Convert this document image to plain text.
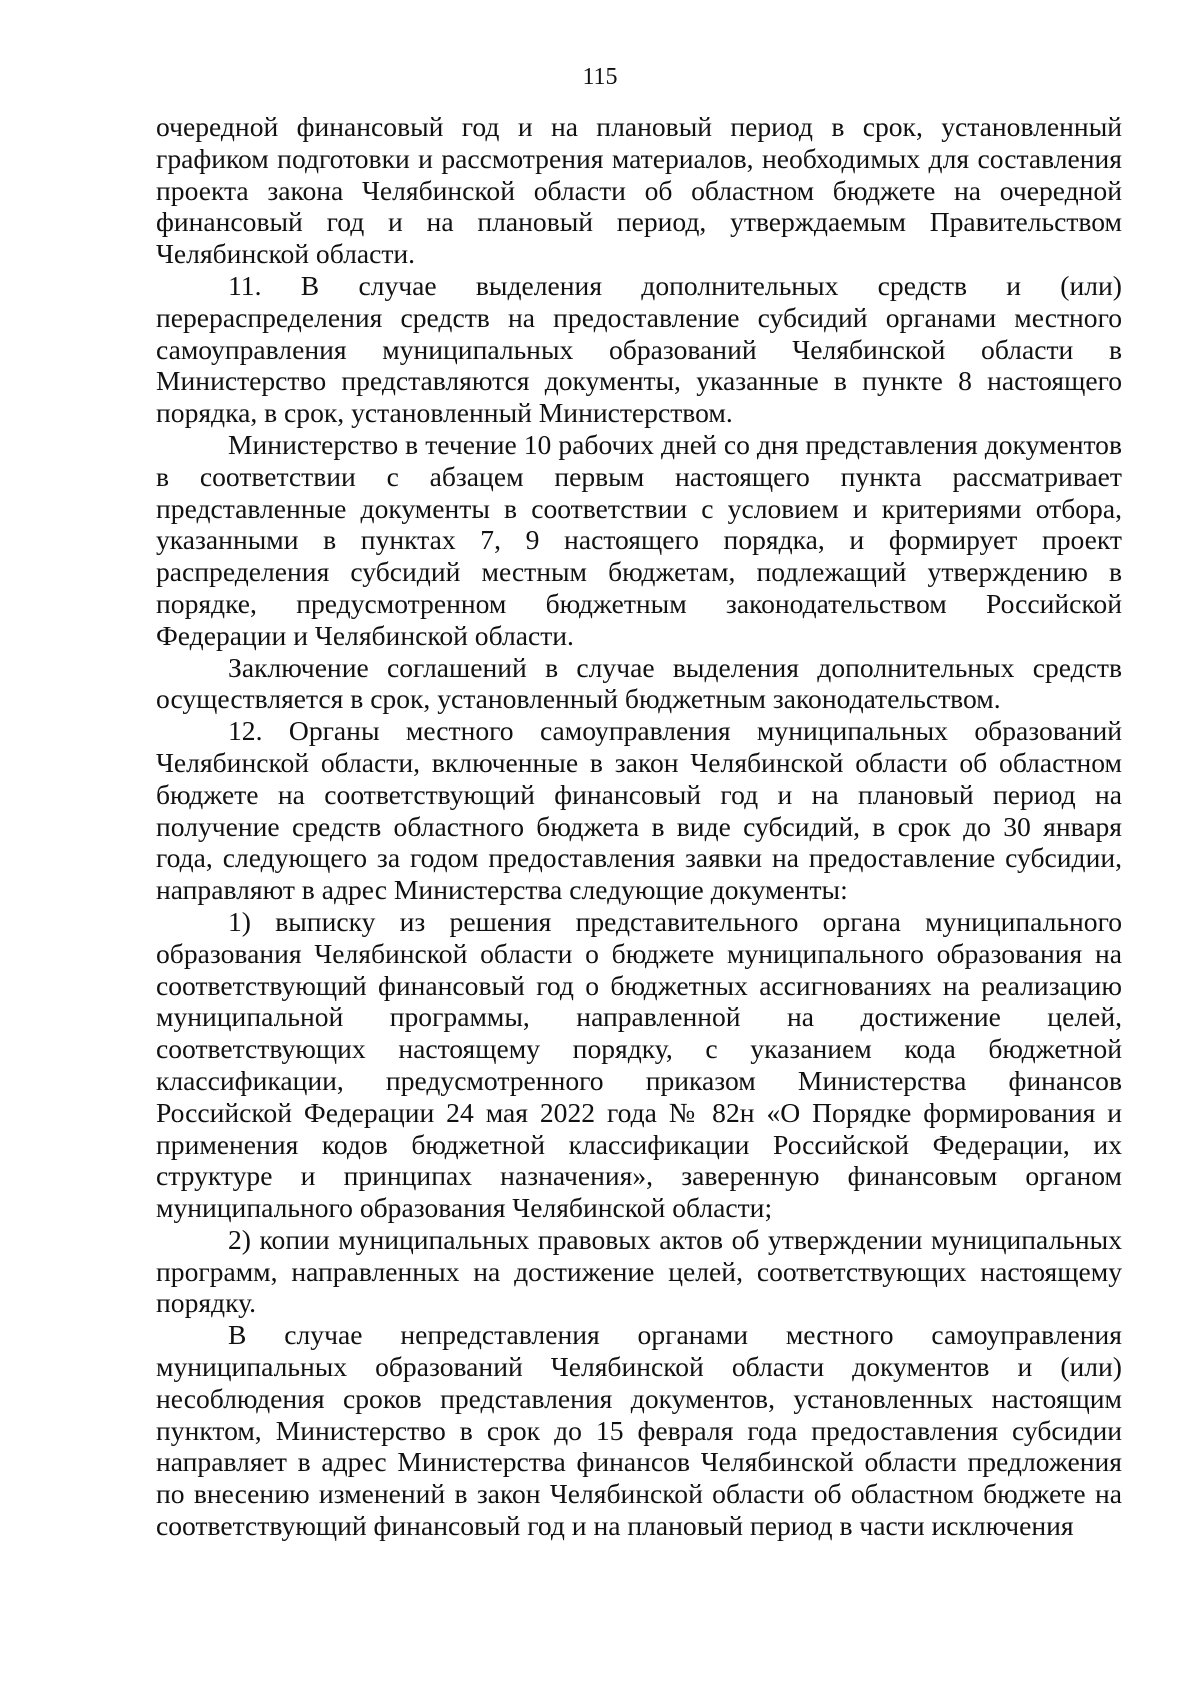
115

очередной финансовый год и на плановый период в срок, установленный графиком подготовки и рассмотрения материалов, необходимых для составления проекта закона Челябинской области об областном бюджете на очередной финансовый год и на плановый период, утверждаемым Правительством Челябинской области.

11. В случае выделения дополнительных средств и (или) перераспределения средств на предоставление субсидий органами местного самоуправления муниципальных образований Челябинской области в Министерство представляются документы, указанные в пункте 8 настоящего порядка, в срок, установленный Министерством.

Министерство в течение 10 рабочих дней со дня представления документов в соответствии с абзацем первым настоящего пункта рассматривает представленные документы в соответствии с условием и критериями отбора, указанными в пунктах 7, 9 настоящего порядка, и формирует проект распределения субсидий местным бюджетам, подлежащий утверждению в порядке, предусмотренном бюджетным законодательством Российской Федерации и Челябинской области.

Заключение соглашений в случае выделения дополнительных средств осуществляется в срок, установленный бюджетным законодательством.

12. Органы местного самоуправления муниципальных образований Челябинской области, включенные в закон Челябинской области об областном бюджете на соответствующий финансовый год и на плановый период на получение средств областного бюджета в виде субсидий, в срок до 30 января года, следующего за годом предоставления заявки на предоставление субсидии, направляют в адрес Министерства следующие документы:

1) выписку из решения представительного органа муниципального образования Челябинской области о бюджете муниципального образования на соответствующий финансовый год о бюджетных ассигнованиях на реализацию муниципальной программы, направленной на достижение целей, соответствующих настоящему порядку, с указанием кода бюджетной классификации, предусмотренного приказом Министерства финансов Российской Федерации 24 мая 2022 года № 82н «О Порядке формирования и применения кодов бюджетной классификации Российской Федерации, их структуре и принципах назначения», заверенную финансовым органом муниципального образования Челябинской области;

2) копии муниципальных правовых актов об утверждении муниципальных программ, направленных на достижение целей, соответствующих настоящему порядку.

В случае непредставления органами местного самоуправления муниципальных образований Челябинской области документов и (или) несоблюдения сроков представления документов, установленных настоящим пунктом, Министерство в срок до 15 февраля года предоставления субсидии направляет в адрес Министерства финансов Челябинской области предложения по внесению изменений в закон Челябинской области об областном бюджете на соответствующий финансовый год и на плановый период в части исключения
